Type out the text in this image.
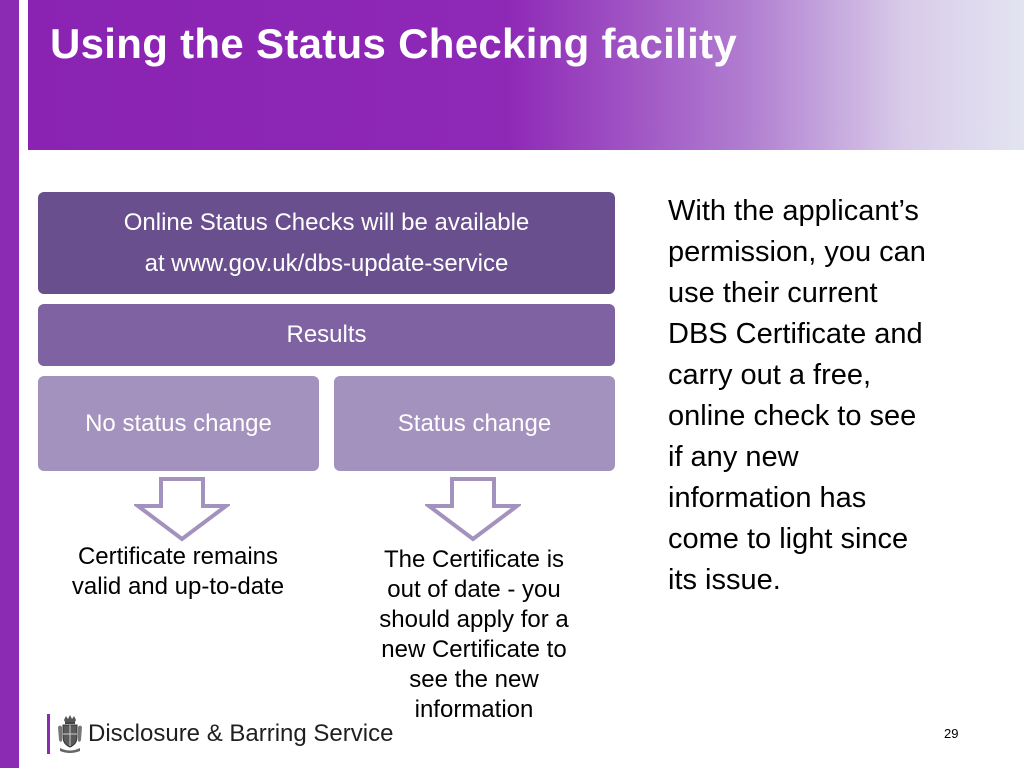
Using the Status Checking facility
Online Status Checks will be available
at www.gov.uk/dbs-update-service
Results
No status change	Status change
Certificate remains
valid and up-to-date
The Certificate is
out of date - you
should apply for a
new Certificate to
see the new
information
With the applicant’s
permission, you can
use their current
DBS Certificate and
carry out a free,
online check to see
if any new
information has
come to light since
its issue.
Disclosure & Barring Service	29
